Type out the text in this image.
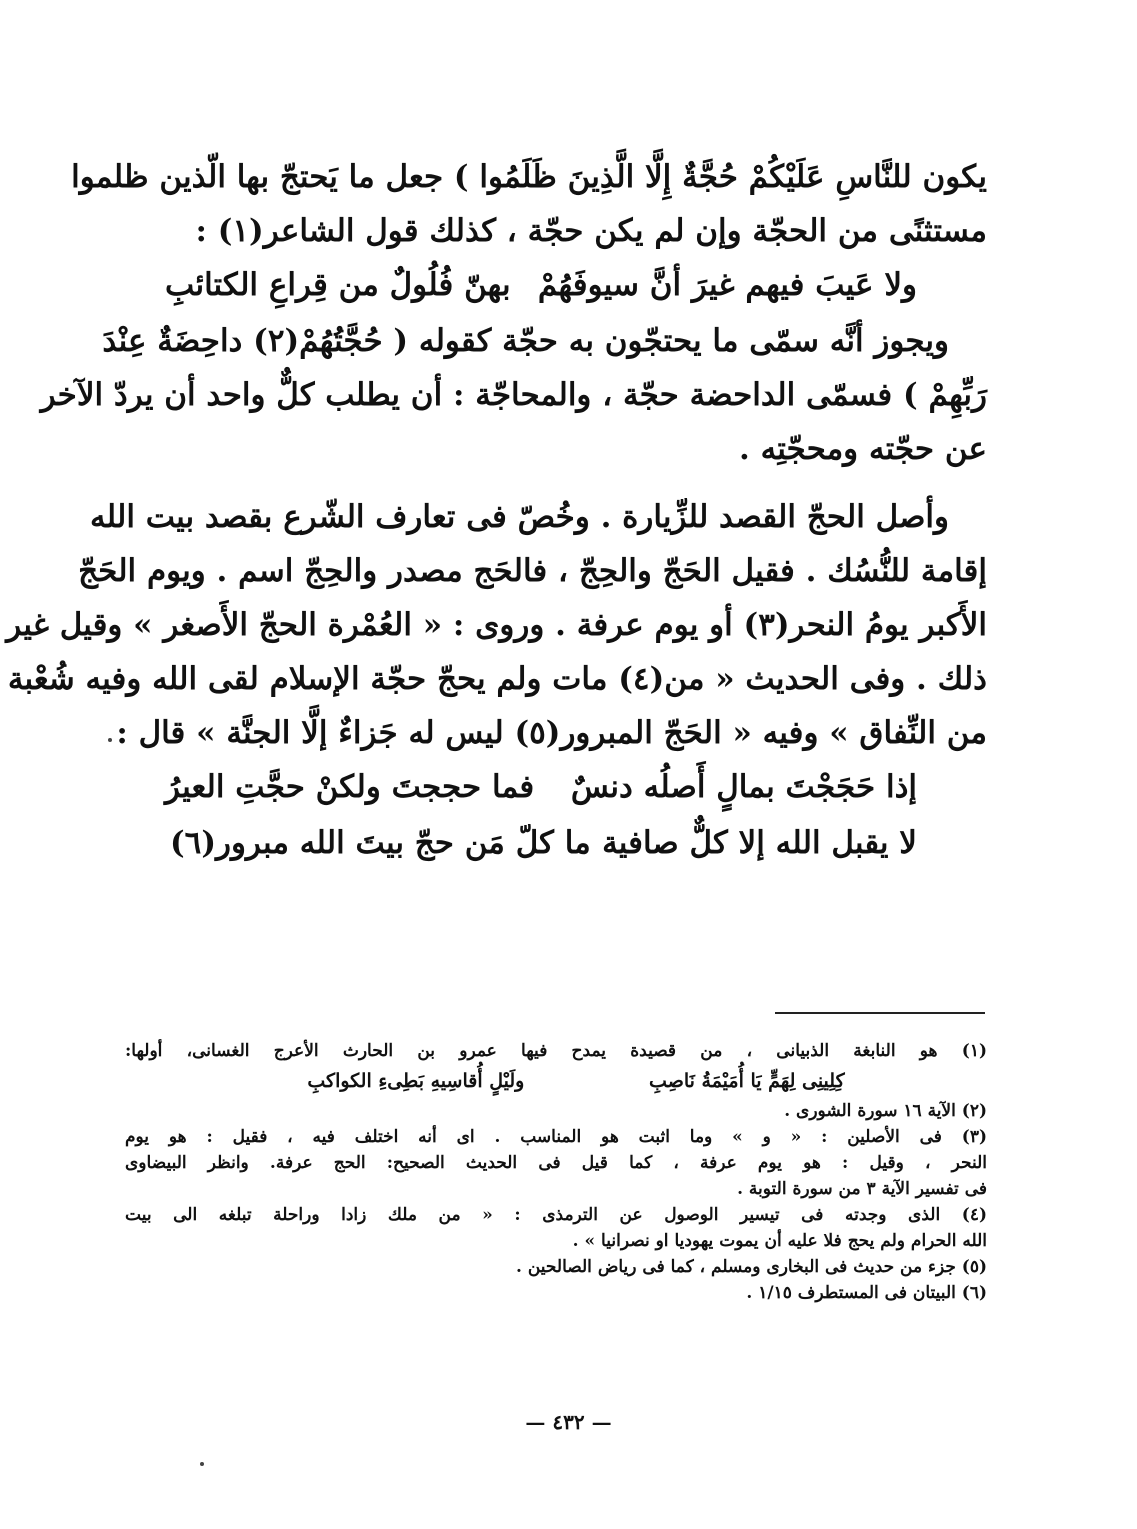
يكون للنَّاسِ عَلَيْكُمْ حُجَّةٌ إِلَّا الَّذِينَ ظَلَمُوا ) جعل ما يَحتجّ بها الّذين ظلموا
مستثنًى من الحجّة وإن لم يكن حجّة ، كذلك قول الشاعر(١) :
ولا عَيبَ فيهم غيرَ أنَّ سيوفَهُمْ
بهنّ فُلُولٌ من قِراعِ الكتائبِ
ويجوز أنَّه سمّى ما يحتجّون به حجّة كقوله ( حُجَّتُهُمْ(٢) داحِضَةٌ عِنْدَ
رَبِّهِمْ ) فسمّى الداحضة حجّة ، والمحاجّة : أن يطلب كلٌّ واحد أن يردّ الآخر
عن حجّته ومحجّتِه .
وأصل الحجّ القصد للزِّيارة . وخُصّ فى تعارف الشّرع بقصد بيت الله
إقامة للنُّسُك . فقيل الحَجّ والحِجّ ، فالحَج مصدر والحِجّ اسم . ويوم الحَجّ
الأَكبر يومُ النحر(٣) أو يوم عرفة . وروى : « العُمْرة الحجّ الأَصغر » وقيل غير
ذلك . وفى الحديث « من(٤) مات ولم يحجّ حجّة الإسلام لقى الله وفيه شُعْبة
من النِّفاق » وفيه « الحَجّ المبرور(٥) ليس له جَزاءٌ إلَّا الجنَّة » قال :
إذا حَجَجْتَ بمالٍ أَصلُه دنسٌ
فما حججتَ ولكنْ حجَّتِ العيرُ
لا يقبل الله إلا كلٌّ صافية
ما كلّ مَن حجّ بيتَ الله مبرور(٦)
(١) هو النابغة الذبيانى ، من قصيدة يمدح فيها عمرو بن الحارث الأعرج الغسانى، أولها:
كِلِينِى لِهَمٍّ يَا أُمَيْمَةُ نَاصِبِ
ولَيْلٍ أُقاسِيهِ بَطِىءِ الكواكبِ
(٢) الآية ١٦ سورة الشورى .
(٣) فى الأصلين : « و » وما اثبت هو المناسب . اى أنه اختلف فيه ، فقيل : هو يوم
النحر ، وقيل : هو يوم عرفة ، كما قيل فى الحديث الصحيح: الحج عرفة. وانظر البيضاوى
فى تفسير الآية ٣ من سورة التوبة .
(٤) الذى وجدته فى تيسير الوصول عن الترمذى : « من ملك زادا وراحلة تبلغه الى بيت
الله الحرام ولم يحج فلا عليه أن يموت يهوديا او نصرانيا » .
(٥) جزء من حديث فى البخارى ومسلم ، كما فى رياض الصالحين .
(٦) البيتان فى المستطرف ١/١٥ .
— ٤٣٢ —
